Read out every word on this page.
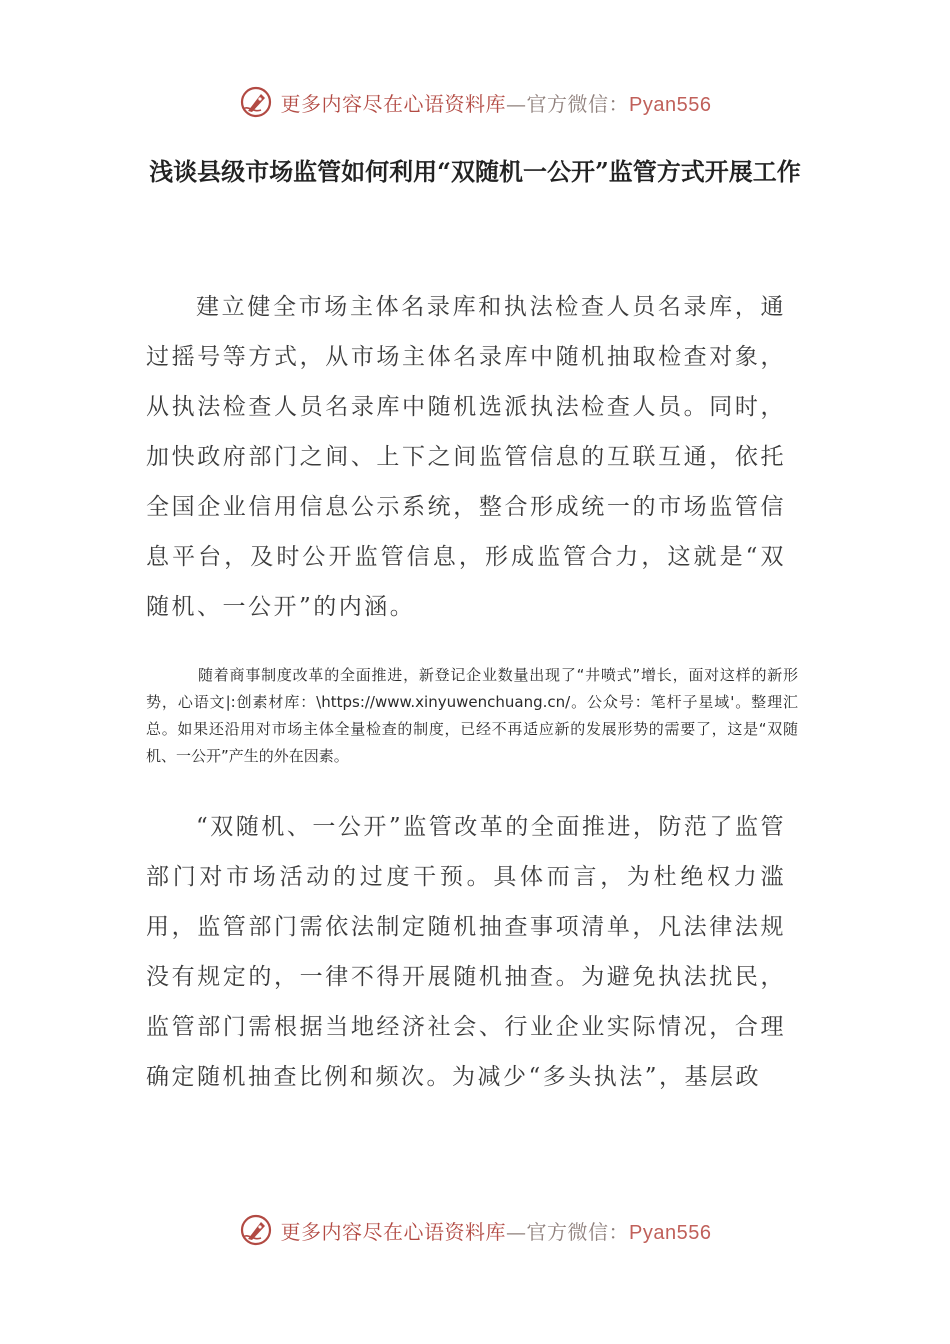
更多内容尽在心语资料库—官方微信：Pyan556
浅谈县级市场监管如何利用“双随机一公开”监管方式开展工作

建立健全市场主体名录库和执法检查人员名录库，通过摇号等方式，从市场主体名录库中随机抽取检查对象，从执法检查人员名录库中随机选派执法检查人员。同时，加快政府部门之间、上下之间监管信息的互联互通，依托全国企业信用信息公示系统，整合形成统一的市场监管信息平台，及时公开监管信息，形成监管合力，这就是“双随机、一公开”的内涵。

随着商事制度改革的全面推进，新登记企业数量出现了“井喷式”增长，面对这样的新形势，心语文|:创素材库：\https://www.xinyuwenchuang.cn/。公众号：笔杆子星域'。整理汇总。如果还沿用对市场主体全量检查的制度，已经不再适应新的发展形势的需要了，这是“双随机、一公开”产生的外在因素。

“双随机、一公开”监管改革的全面推进，防范了监管部门对市场活动的过度干预。具体而言，为杜绝权力滥用，监管部门需依法制定随机抽查事项清单，凡法律法规没有规定的，一律不得开展随机抽查。为避免执法扰民，监管部门需根据当地经济社会、行业企业实际情况，合理确定随机抽查比例和频次。为减少“多头执法”，基层政

更多内容尽在心语资料库—官方微信：Pyan556
